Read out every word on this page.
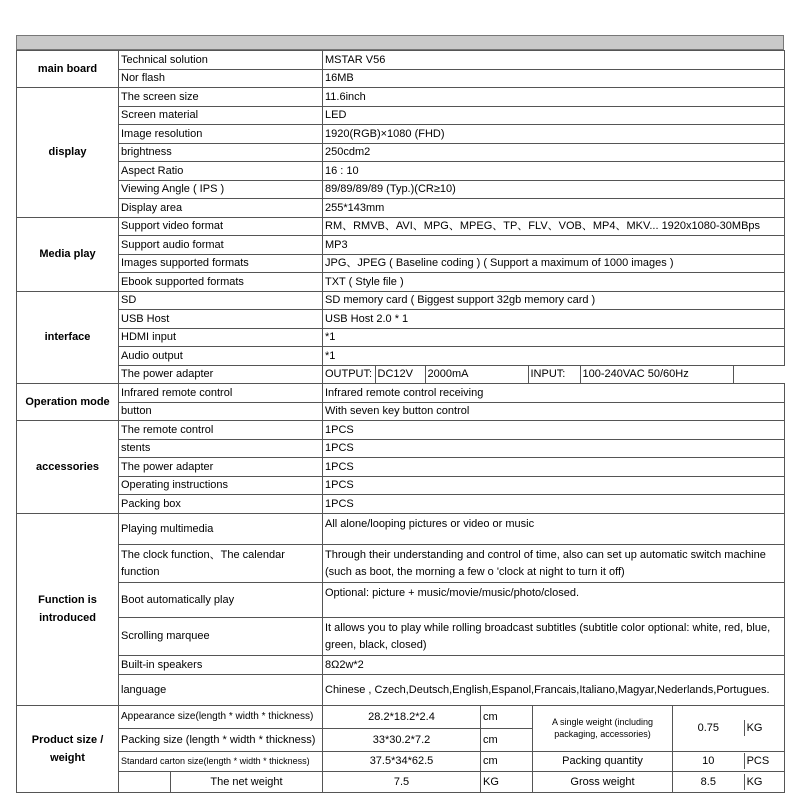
main board	Technical solution	MSTAR V56
Nor flash	16MB
display	The screen size	11.6inch
Screen material	LED
Image resolution	1920(RGB)×1080 (FHD)
brightness	250cdm2
Aspect Ratio	16 : 10
Viewing Angle ( IPS )	89/89/89/89 (Typ.)(CR≥10)
Display area	255*143mm
Media play	Support video format	RM、RMVB、AVI、MPG、MPEG、TP、FLV、VOB、MP4、MKV... 1920x1080-30MBps
Support audio format	MP3
Images supported formats	JPG、JPEG ( Baseline coding ) ( Support a maximum of 1000 images )
Ebook supported formats	TXT ( Style file )
interface	SD	SD memory card ( Biggest support 32gb memory card )
USB Host	USB Host 2.0 * 1
HDMI input	*1
Audio output	*1
The power adapter		OUTPUT:	DC12V	2000mA	INPUT:	100-240VAC 50/60Hz	

Operation mode	Infrared remote control	Infrared remote control receiving
button	With seven key button control
accessories	The remote control	1PCS
stents	1PCS
The power adapter	1PCS
Operating instructions	1PCS
Packing box	1PCS
Function is introduced	Playing multimedia	All alone/looping pictures or video or music
The clock function、The calendar function	Through their understanding and control of time, also can set up automatic switch machine (such as boot, the morning a few o 'clock at night to turn it off)
Boot automatically play	Optional: picture + music/movie/music/photo/closed.
Scrolling marquee	It allows you to play while rolling broadcast subtitles (subtitle color optional: white, red, blue, green, black, closed)
Built-in speakers	8Ω2w*2
language	Chinese , Czech,Deutsch,English,Espanol,Francais,Italiano,Magyar,Nederlands,Portugues.
Product size / weight	Appearance size(length * width * thickness)	28.2*18.2*2.4	cm	A single weight (including packaging, accessories)		0.75	KG

Packing size (length * width * thickness)	33*30.2*7.2	cm
Standard carton size(length * width * thickness)	37.5*34*62.5	cm	Packing quantity		10	PCS

	The net weight	7.5	KG	Gross weight		8.5	KG
